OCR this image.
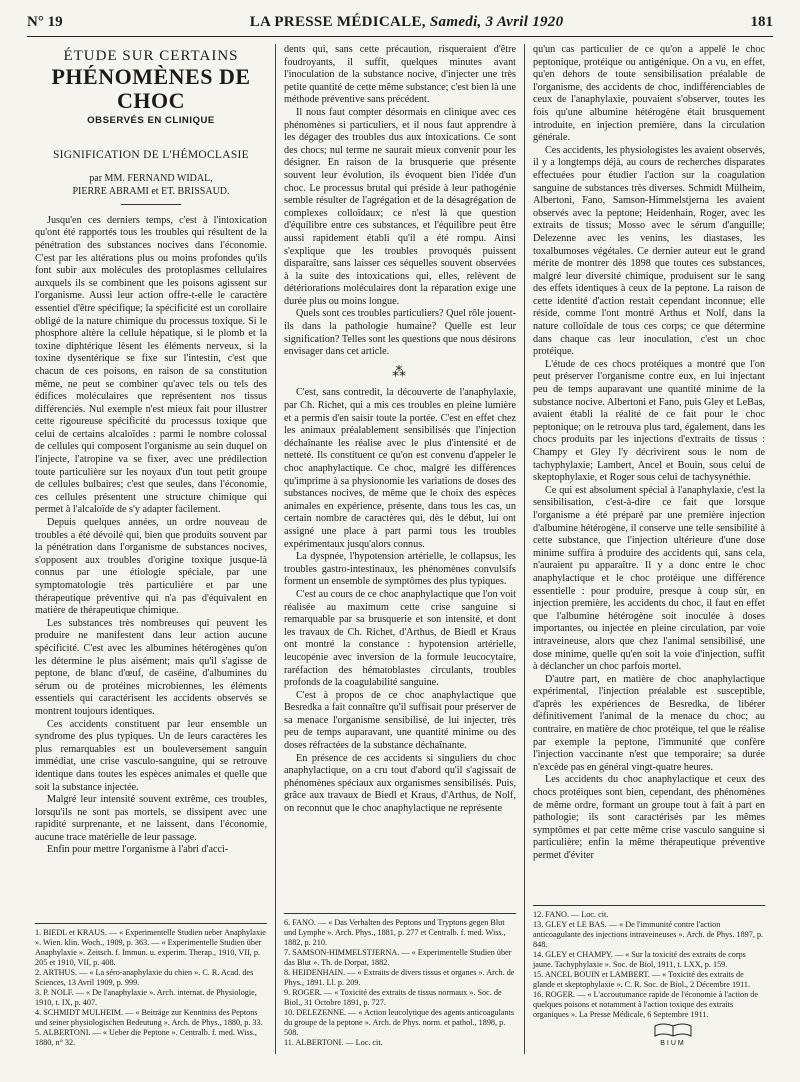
N° 19	LA PRESSE MÉDICALE, Samedi, 3 Avril 1920	181
ÉTUDE SUR CERTAINS
PHÉNOMÈNES DE CHOC
OBSERVÉS EN CLINIQUE
SIGNIFICATION DE L'HÉMOCLASIE
par MM. FERNAND WIDAL,
PIERRE ABRAMI et ET. BRISSAUD.

Jusqu'en ces derniers temps, c'est à l'intoxication qu'ont été rapportés tous les troubles qui résultent de la pénétration des substances nocives dans l'économie. C'est par les altérations plus ou moins profondes qu'ils font subir aux molécules des protoplasmes cellulaires auxquels ils se combinent que les poisons agissent sur l'organisme. Aussi leur action offre-t-elle le caractère essentiel d'être spécifique; la spécificité est un corollaire obligé de la nature chimique du processus toxique. Si le phosphore altère la cellule hépatique, si le plomb et la toxine diphtérique lèsent les éléments nerveux, si la toxine dysentérique se fixe sur l'intestin, c'est que chacun de ces poisons, en raison de sa constitution même, ne peut se combiner qu'avec tels ou tels des édifices moléculaires que représentent nos tissus différenciés. Nul exemple n'est mieux fait pour illustrer cette rigoureuse spécificité du processus toxique que celui de certains alcaloïdes : parmi le nombre colossal de cellules qui composent l'organisme au sein duquel on l'injecte, l'atropine va se fixer, avec une prédilection toute particulière sur les noyaux d'un tout petit groupe de cellules bulbaires; c'est que seules, dans l'économie, ces cellules présentent une structure chimique qui permet à l'alcaloïde de s'y adapter facilement.

Depuis quelques années, un ordre nouveau de troubles a été dévoilé qui, bien que produits souvent par la pénétration dans l'organisme de substances nocives, s'opposent aux troubles d'origine toxique jusque-là connus par une étiologie spéciale, par une symptomatologie très particulière et par une thérapeutique préventive qui n'a pas d'équivalent en matière de thérapeutique chimique.

Les substances très nombreuses qui peuvent les produire ne manifestent dans leur action aucune spécificité. C'est avec les albumines hétérogènes qu'on les détermine le plus aisément; mais qu'il s'agisse de peptone, de blanc d'œuf, de caséine, d'albumines du sérum ou de protéines microbiennes, les éléments essentiels qui caractérisent les accidents observés se montrent toujours identiques.

Ces accidents constituent par leur ensemble un syndrome des plus typiques. Un de leurs caractères les plus remarquables est un bouleversement sanguin immédiat, une crise vasculo-sanguine, qui se retrouve identique dans toutes les espèces animales et quelle que soit la substance injectée.

Malgré leur intensité souvent extrême, ces troubles, lorsqu'ils ne sont pas mortels, se dissipent avec une rapidité surprenante, et ne laissent, dans l'économie, aucune trace matérielle de leur passage.

Enfin pour mettre l'organisme à l'abri d'acci-

1. BIEDL et KRAUS. — « Experimentelle Studien ueber Anaphylaxie ». Wien. klin. Woch., 1909, p. 363. — « Experimentelle Studien über Anaphylaxie ». Zeitsch. f. Immun. u. experim. Therap., 1910, VII, p. 205 et 1910, VII, p. 408.
2. ARTHUS. — « La séro-anaphylaxie du chien ». C. R. Acad. des Sciences, 13 Avril 1909, p. 999.
3. P. NOLF. — « De l'anaphylaxie ». Arch. internat. de Physiologie, 1910, t. IX, p. 407.
4. SCHMIDT MULHEIM. — « Beiträge zur Kenntniss des Peptons und seiner physiologischen Bedeutung ». Arch. de Phys., 1880, p. 33.
5. ALBERTONI. — « Ueber die Peptone ». Centralb. f. med. Wiss., 1880, n° 32.

dents qui, sans cette précaution, risqueraient d'être foudroyants, il suffit, quelques minutes avant l'inoculation de la substance nocive, d'injecter une très petite quantité de cette même substance; c'est bien là une méthode préventive sans précédent.

Il nous faut compter désormais en clinique avec ces phénomènes si particuliers, et il nous faut apprendre à les dégager des troubles dus aux intoxications. Ce sont des chocs; nul terme ne saurait mieux convenir pour les désigner. En raison de la brusquerie que présente souvent leur évolution, ils évoquent bien l'idée d'un choc. Le processus brutal qui préside à leur pathogénie semble résulter de l'agrégation et de la désagrégation de complexes colloïdaux; ce n'est là que question d'équilibre entre ces substances, et l'équilibre peut être aussi rapidement établi qu'il a été rompu. Ainsi s'explique que les troubles provoqués puissent disparaître, sans laisser ces séquelles souvent observées à la suite des intoxications qui, elles, relèvent de détériorations moléculaires dont la réparation exige une durée plus ou moins longue.

Quels sont ces troubles particuliers? Quel rôle jouent-ils dans la pathologie humaine? Quelle est leur signification? Telles sont les questions que nous désirons envisager dans cet article.

⁂

C'est, sans contredit, la découverte de l'anaphylaxie, par Ch. Richet, qui a mis ces troubles en pleine lumière et a permis d'en saisir toute la portée. C'est en effet chez les animaux préalablement sensibilisés que l'injection déchaînante les réalise avec le plus d'intensité et de netteté. Ils constituent ce qu'on est convenu d'appeler le choc anaphylactique. Ce choc, malgré les différences qu'imprime à sa physionomie les variations de doses des substances nocives, de même que le choix des espèces animales en expérience, présente, dans tous les cas, un certain nombre de caractères qui, dès le début, lui ont assigné une place à part parmi tous les troubles expérimentaux jusqu'alors connus.

La dyspnée, l'hypotension artérielle, le collapsus, les troubles gastro-intestinaux, les phénomènes convulsifs forment un ensemble de symptômes des plus typiques.

C'est au cours de ce choc anaphylactique que l'on voit réalisée au maximum cette crise sanguine si remarquable par sa brusquerie et son intensité, et dont les travaux de Ch. Richet, d'Arthus, de Biedl et Kraus ont montré la constance : hypotension artérielle, leucopénie avec inversion de la formule leucocytaire, raréfaction des hématoblastes circulants, troubles profonds de la coagulabilité sanguine.

C'est à propos de ce choc anaphylactique que Besredka a fait connaître qu'il suffisait pour préserver de sa menace l'organisme sensibilisé, de lui injecter, très peu de temps auparavant, une quantité minime ou des doses réfractées de la substance déchaînante.

En présence de ces accidents si singuliers du choc anaphylactique, on a cru tout d'abord qu'il s'agissait de phénomènes spéciaux aux organismes sensibilisés. Puis, grâce aux travaux de Biedl et Kraus, d'Arthus, de Nolf, on reconnut que le choc anaphylactique ne représente

6. FANO. — « Das Verhalten des Peptons und Tryptons gegen Blut und Lymphe ». Arch. Phys., 1881, p. 277 et Centralb. f. med. Wiss., 1882, p. 210.
7. SAMSON-HIMMELSTJERNA. — « Experimentelle Studien über das Blut ». Th. de Dorpat, 1882.
8. HEIDENHAIN. — « Extraits de divers tissus et organes ». Arch. de Phys., 1891. Ll. p. 209.
9. ROGER. — « Toxicité des extraits de tissus normaux ». Soc. de Biol., 31 Octobre 1891, p. 727.
10. DELEZENNE. — « Action leucolytique des agents anticoagulants du groupe de la peptone ». Arch. de Phys. norm. et pathol., 1898, p. 508.
11. ALBERTONI. — Loc. cit.

qu'un cas particulier de ce qu'on a appelé le choc peptonique, protéique ou antigénique. On a vu, en effet, qu'en dehors de toute sensibilisation préalable de l'organisme, des accidents de choc, indifférenciables de ceux de l'anaphylaxie, pouvaient s'observer, toutes les fois qu'une albumine hétérogène était brusquement introduite, en injection première, dans la circulation générale.

Ces accidents, les physiologistes les avaient observés, il y a longtemps déjà, au cours de recherches disparates effectuées pour étudier l'action sur la coagulation sanguine de substances très diverses. Schmidt Mülheim, Albertoni, Fano, Samson-Himmelstjerna les avaient observés avec la peptone; Heidenhain, Roger, avec les extraits de tissus; Mosso avec le sérum d'anguille; Delezenne avec les venins, les diastases, les toxalbumoses végétales. Ce dernier auteur eut le grand mérite de montrer dès 1898 que toutes ces substances, malgré leur diversité chimique, produisent sur le sang des effets identiques à ceux de la peptone. La raison de cette identité d'action restait cependant inconnue; elle réside, comme l'ont montré Arthus et Nolf, dans la nature colloïdale de tous ces corps; ce que détermine dans chaque cas leur inoculation, c'est un choc protéique.

L'étude de ces chocs protéiques a montré que l'on peut préserver l'organisme contre eux, en lui injectant peu de temps auparavant une quantité minime de la substance nocive. Albertoni et Fano, puis Gley et LeBas, avaient établi la réalité de ce fait pour le choc peptonique; on le retrouva plus tard, également, dans les chocs produits par les injections d'extraits de tissus : Champy et Gley l'y décrivirent sous le nom de tachyphylaxie; Lambert, Ancel et Bouin, sous celui de skeptophylaxie, et Roger sous celui de tachysynéthie.

Ce qui est absolument spécial à l'anaphylaxie, c'est la sensibilisation, c'est-à-dire ce fait que lorsque l'organisme a été préparé par une première injection d'albumine hétérogène, il conserve une telle sensibilité à cette substance, que l'injection ultérieure d'une dose minime suffira à produire des accidents qui, sans cela, n'auraient pu apparaître. Il y a donc entre le choc anaphylactique et le choc protéique une différence essentielle : pour produire, presque à coup sûr, en injection première, les accidents du choc, il faut en effet que l'albumine hétérogène soit inoculée à doses importantes, ou injectée en pleine circulation, par voie intraveineuse, alors que chez l'animal sensibilisé, une dose minime, quelle qu'en soit la voie d'injection, suffit à déclancher un choc parfois mortel.

D'autre part, en matière de choc anaphylactique expérimental, l'injection préalable est susceptible, d'après les expériences de Besredka, de libérer définitivement l'animal de la menace du choc; au contraire, en matière de choc protéique, tel que le réalise par exemple la peptone, l'immunité que confère l'injection vaccinante n'est que temporaire; sa durée n'excède pas en général vingt-quatre heures.

Les accidents du choc anaphylactique et ceux des chocs protéiques sont bien, cependant, des phénomènes de même ordre, formant un groupe tout à fait à part en pathologie; ils sont caractérisés par les mêmes symptômes et par cette même crise vasculo sanguine si particulière; enfin la même thérapeutique préventive permet d'éviter

12. FANO. — Loc. cit.
13. GLEY et LE BAS. — « De l'immunité contre l'action anticoagulante des injections intraveineuses ». Arch. de Phys. 1897, p. 848.
14. GLEY et CHAMPY. — « Sur la toxicité des extraits de corps jaune. Tachyphylaxie ». Soc. de Biol, 1911, t. LXX, p. 159.
15. ANCEL BOUIN et LAMBERT. — « Toxicité des extraits de glande et skeptophylaxie ». C. R. Soc. de Biol., 2 Décembre 1911.
16. ROGER. — « L'accoutumance rapide de l'économie à l'action de quelques poisons et notamment à l'action toxique des extraits organiques ». La Presse Médicale, 6 Septembre 1911.
BIUM
